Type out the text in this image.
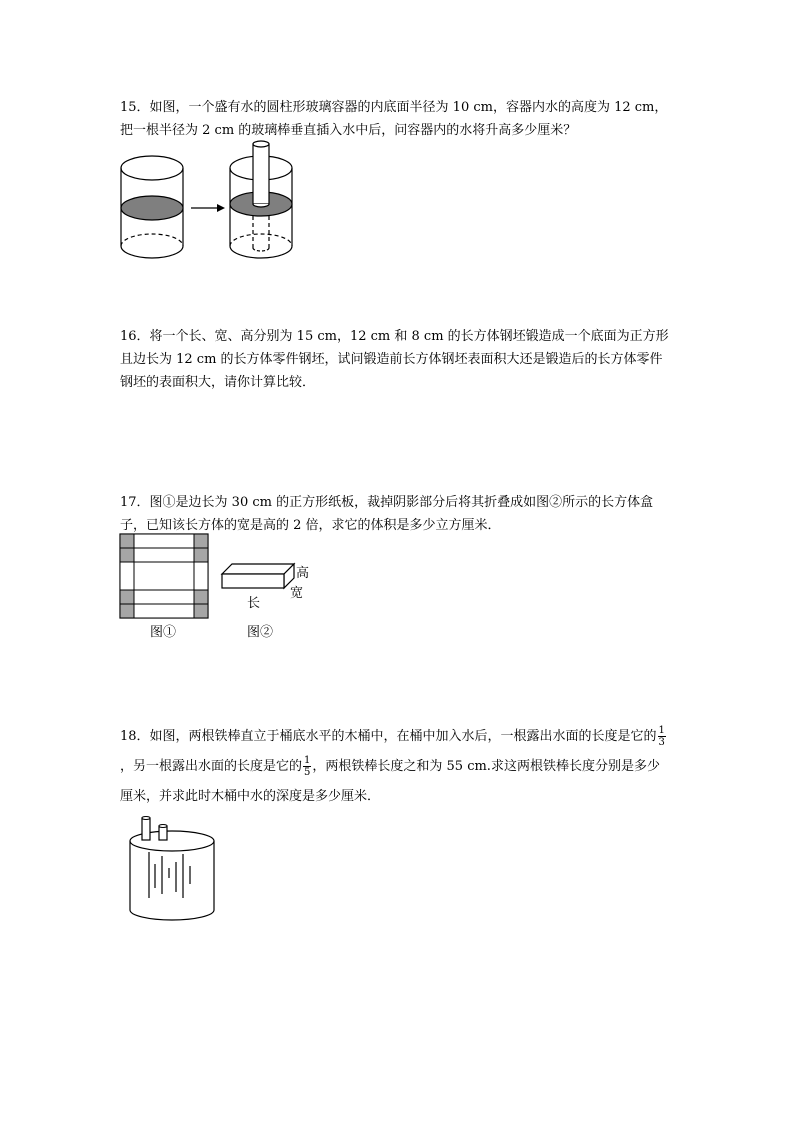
15．如图，一个盛有水的圆柱形玻璃容器的内底面半径为 10 cm，容器内水的高度为 12 cm，把一根半径为 2 cm 的玻璃棒垂直插入水中后，问容器内的水将升高多少厘米？

16．将一个长、宽、高分别为 15 cm，12 cm 和 8 cm 的长方体钢坯锻造成一个底面为正方形且边长为 12 cm 的长方体零件钢坯，试问锻造前长方体钢坯表面积大还是锻造后的长方体零件钢坯的表面积大，请你计算比较．

17．图①是边长为 30 cm 的正方形纸板，裁掉阴影部分后将其折叠成如图②所示的长方体盒子，已知该长方体的宽是高的 2 倍，求它的体积是多少立方厘米．

高
宽
长
图①	图②

18．如图，两根铁棒直立于桶底水平的木桶中，在桶中加入水后，一根露出水面的长度是它的 $\frac{1}{3}$
，另一根露出水面的长度是它的 $\frac{1}{5}$ ，两根铁棒长度之和为 55 cm.求这两根铁棒长度分别是多少厘米，并求此时木桶中水的深度是多少厘米．
